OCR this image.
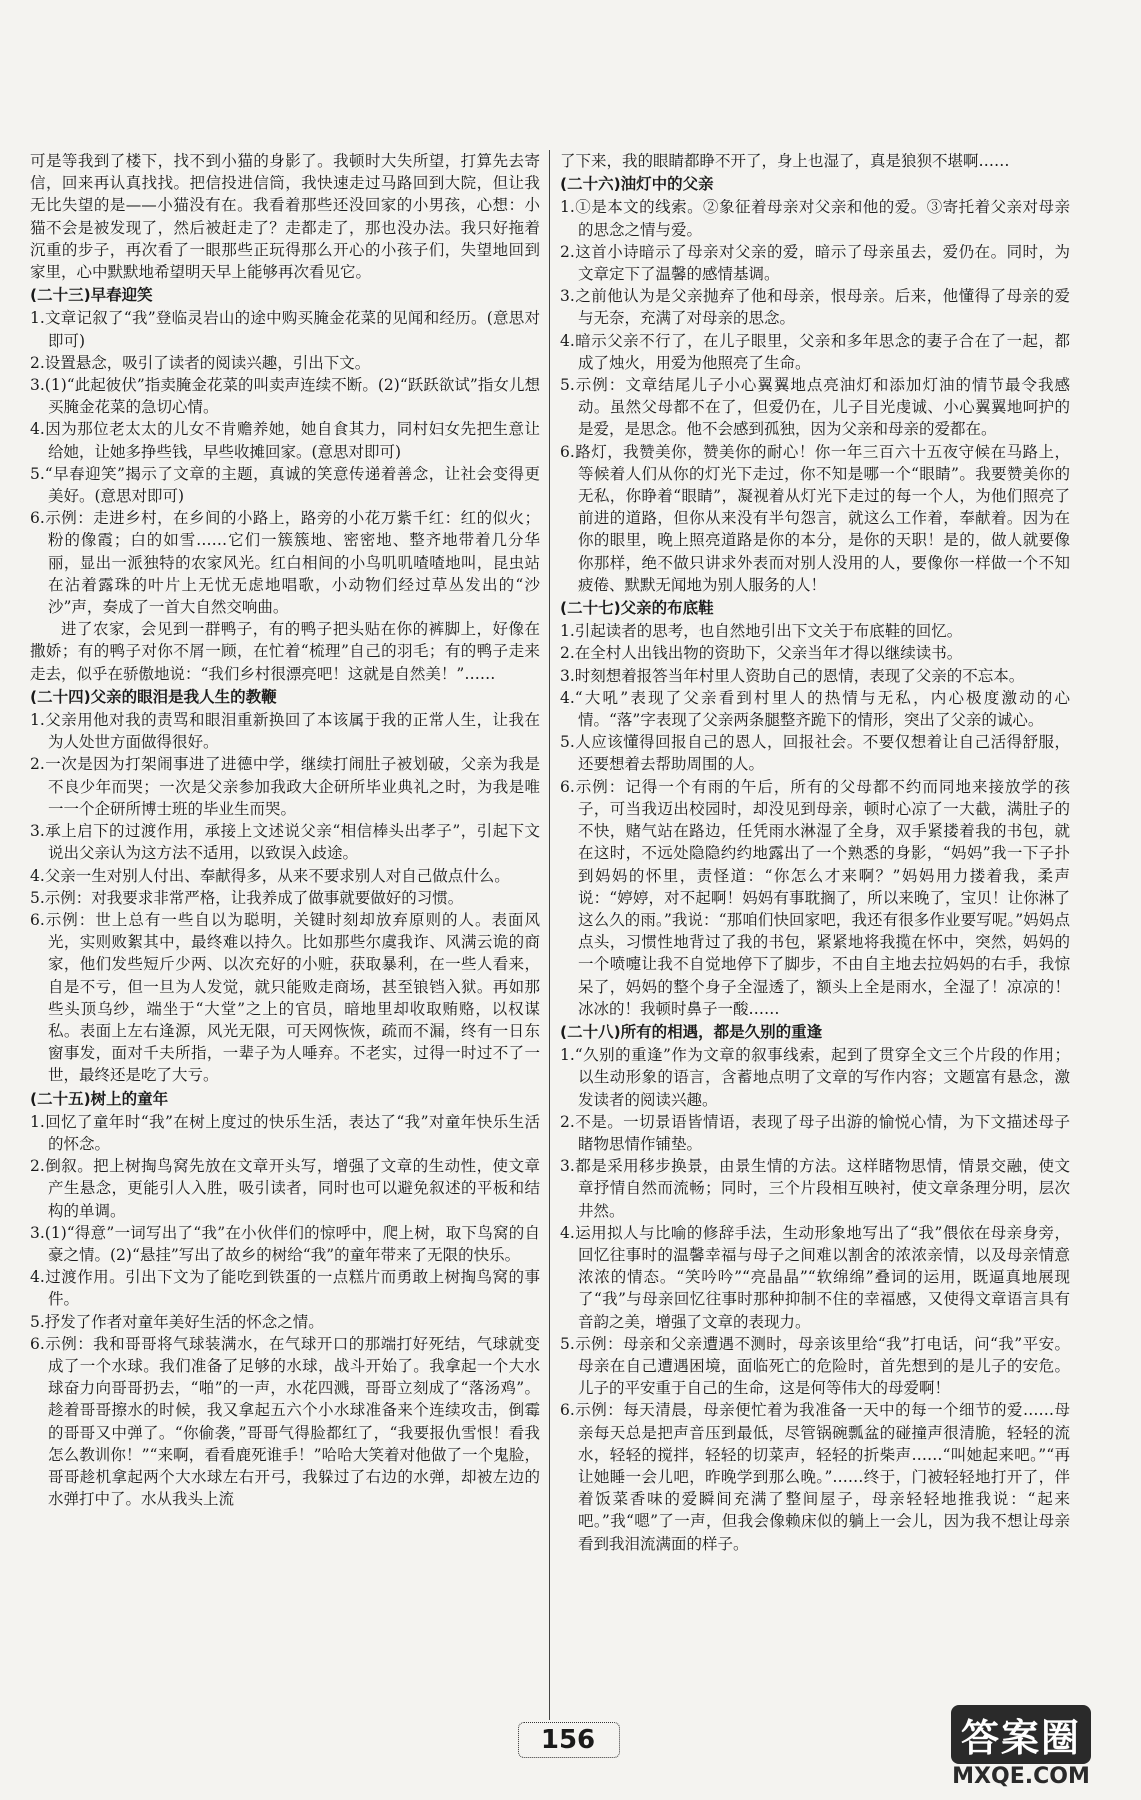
可是等我到了楼下，找不到小猫的身影了。我顿时大失所望，打算先去寄信，回来再认真找找。把信投进信筒，我快速走过马路回到大院，但让我无比失望的是——小猫没有在。我看着那些还没回家的小男孩，心想：小猫不会是被发现了，然后被赶走了？走都走了，那也没办法。我只好拖着沉重的步子，再次看了一眼那些正玩得那么开心的小孩子们，失望地回到家里，心中默默地希望明天早上能够再次看见它。
(二十三)早春迎笑
1.文章记叙了“我”登临灵岩山的途中购买腌金花菜的见闻和经历。(意思对即可)
2.设置悬念，吸引了读者的阅读兴趣，引出下文。
3.(1)“此起彼伏”指卖腌金花菜的叫卖声连续不断。(2)“跃跃欲试”指女儿想买腌金花菜的急切心情。
4.因为那位老太太的儿女不肯赡养她，她自食其力，同村妇女先把生意让给她，让她多挣些钱，早些收摊回家。(意思对即可)
5.“早春迎笑”揭示了文章的主题，真诚的笑意传递着善念，让社会变得更美好。(意思对即可)
6.示例：走进乡村，在乡间的小路上，路旁的小花万紫千红：红的似火；粉的像霞；白的如雪……它们一簇簇地、密密地、整齐地带着几分华丽，显出一派独特的农家风光。红白相间的小鸟叽叽喳喳地叫，昆虫站在沾着露珠的叶片上无忧无虑地唱歌，小动物们经过草丛发出的“沙沙”声，奏成了一首大自然交响曲。
进了农家，会见到一群鸭子，有的鸭子把头贴在你的裤脚上，好像在撒娇；有的鸭子对你不屑一顾，在忙着“梳理”自己的羽毛；有的鸭子走来走去，似乎在骄傲地说：“我们乡村很漂亮吧！这就是自然美！”……
(二十四)父亲的眼泪是我人生的教鞭
1.父亲用他对我的责骂和眼泪重新换回了本该属于我的正常人生，让我在为人处世方面做得很好。
2.一次是因为打架闹事进了进德中学，继续打闹肚子被划破，父亲为我是不良少年而哭；一次是父亲参加我政大企研所毕业典礼之时，为我是唯一一个企研所博士班的毕业生而哭。
3.承上启下的过渡作用，承接上文述说父亲“相信棒头出孝子”，引起下文说出父亲认为这方法不适用，以致误入歧途。
4.父亲一生对别人付出、奉献得多，从来不要求别人对自己做点什么。
5.示例：对我要求非常严格，让我养成了做事就要做好的习惯。
6.示例：世上总有一些自以为聪明，关键时刻却放弃原则的人。表面风光，实则败絮其中，最终难以持久。比如那些尔虞我诈、风满云诡的商家，他们发些短斤少两、以次充好的小赃，获取暴利，在一些人看来，自是不亏，但一旦为人发觉，就只能败走商场，甚至锒铛入狱。再如那些头顶乌纱，端坐于“大堂”之上的官员，暗地里却收取贿赂，以权谋私。表面上左右逢源，风光无限，可天网恢恢，疏而不漏，终有一日东窗事发，面对千夫所指，一辈子为人唾弃。不老实，过得一时过不了一世，最终还是吃了大亏。
(二十五)树上的童年
1.回忆了童年时“我”在树上度过的快乐生活，表达了“我”对童年快乐生活的怀念。
2.倒叙。把上树掏鸟窝先放在文章开头写，增强了文章的生动性，使文章产生悬念，更能引人入胜，吸引读者，同时也可以避免叙述的平板和结构的单调。
3.(1)“得意”一词写出了“我”在小伙伴们的惊呼中，爬上树，取下鸟窝的自豪之情。(2)“悬挂”写出了故乡的树给“我”的童年带来了无限的快乐。
4.过渡作用。引出下文为了能吃到铁蛋的一点糕片而勇敢上树掏鸟窝的事件。
5.抒发了作者对童年美好生活的怀念之情。
6.示例：我和哥哥将气球装满水，在气球开口的那端打好死结，气球就变成了一个水球。我们准备了足够的水球，战斗开始了。我拿起一个大水球奋力向哥哥扔去，“啪”的一声，水花四溅，哥哥立刻成了“落汤鸡”。趁着哥哥擦水的时候，我又拿起五六个小水球准备来个连续攻击，倒霉的哥哥又中弹了。“你偷袭，”哥哥气得脸都红了，“我要报仇雪恨！看我怎么教训你！”“来啊，看看鹿死谁手！”哈哈大笑着对他做了一个鬼脸，哥哥趁机拿起两个大水球左右开弓，我躲过了右边的水弹，却被左边的水弹打中了。水从我头上流
了下来，我的眼睛都睁不开了，身上也湿了，真是狼狈不堪啊……
(二十六)油灯中的父亲
1.①是本文的线索。②象征着母亲对父亲和他的爱。③寄托着父亲对母亲的思念之情与爱。
2.这首小诗暗示了母亲对父亲的爱，暗示了母亲虽去，爱仍在。同时，为文章定下了温馨的感情基调。
3.之前他认为是父亲抛弃了他和母亲，恨母亲。后来，他懂得了母亲的爱与无奈，充满了对母亲的思念。
4.暗示父亲不行了，在儿子眼里，父亲和多年思念的妻子合在了一起，都成了烛火，用爱为他照亮了生命。
5.示例：文章结尾儿子小心翼翼地点亮油灯和添加灯油的情节最令我感动。虽然父母都不在了，但爱仍在，儿子目光虔诚、小心翼翼地呵护的是爱，是思念。他不会感到孤独，因为父亲和母亲的爱都在。
6.路灯，我赞美你，赞美你的耐心！你一年三百六十五夜守候在马路上，等候着人们从你的灯光下走过，你不知是哪一个“眼睛”。我要赞美你的无私，你睁着“眼睛”，凝视着从灯光下走过的每一个人，为他们照亮了前进的道路，但你从来没有半句怨言，就这么工作着，奉献着。因为在你的眼里，晚上照亮道路是你的本分，是你的天职！是的，做人就要像你那样，绝不做只讲求外表而对别人没用的人，要像你一样做一个不知疲倦、默默无闻地为别人服务的人！
(二十七)父亲的布底鞋
1.引起读者的思考，也自然地引出下文关于布底鞋的回忆。
2.在全村人出钱出物的资助下，父亲当年才得以继续读书。
3.时刻想着报答当年村里人资助自己的恩情，表现了父亲的不忘本。
4.“大吼”表现了父亲看到村里人的热情与无私，内心极度激动的心情。“落”字表现了父亲两条腿整齐跪下的情形，突出了父亲的诚心。
5.人应该懂得回报自己的恩人，回报社会。不要仅想着让自己活得舒服，还要想着去帮助周围的人。
6.示例：记得一个有雨的午后，所有的父母都不约而同地来接放学的孩子，可当我迈出校园时，却没见到母亲，顿时心凉了一大截，满肚子的不快，赌气站在路边，任凭雨水淋湿了全身，双手紧搂着我的书包，就在这时，不远处隐隐约约地露出了一个熟悉的身影，“妈妈”我一下子扑到妈妈的怀里，责怪道：“你怎么才来啊？”妈妈用力搂着我，柔声说：“婷婷，对不起啊！妈妈有事耽搁了，所以来晚了，宝贝！让你淋了这么久的雨。”我说：“那咱们快回家吧，我还有很多作业要写呢。”妈妈点点头，习惯性地背过了我的书包，紧紧地将我揽在怀中，突然，妈妈的一个喷嚏让我不自觉地停下了脚步，不由自主地去拉妈妈的右手，我惊呆了，妈妈的整个身子全湿透了，额头上全是雨水，全湿了！凉凉的！冰冰的！我顿时鼻子一酸……
(二十八)所有的相遇，都是久别的重逢
1.“久别的重逢”作为文章的叙事线索，起到了贯穿全文三个片段的作用；以生动形象的语言，含蓄地点明了文章的写作内容；文题富有悬念，激发读者的阅读兴趣。
2.不是。一切景语皆情语，表现了母子出游的愉悦心情，为下文描述母子睹物思情作铺垫。
3.都是采用移步换景，由景生情的方法。这样睹物思情，情景交融，使文章抒情自然而流畅；同时，三个片段相互映衬，使文章条理分明，层次井然。
4.运用拟人与比喻的修辞手法，生动形象地写出了“我”偎依在母亲身旁，回忆往事时的温馨幸福与母子之间难以割舍的浓浓亲情，以及母亲情意浓浓的情态。“笑吟吟”“亮晶晶”“软绵绵”叠词的运用，既逼真地展现了“我”与母亲回忆往事时那种抑制不住的幸福感，又使得文章语言具有音韵之美，增强了文章的表现力。
5.示例：母亲和父亲遭遇不测时，母亲该里给“我”打电话，问“我”平安。母亲在自己遭遇困境，面临死亡的危险时，首先想到的是儿子的安危。儿子的平安重于自己的生命，这是何等伟大的母爱啊！
6.示例：每天清晨，母亲便忙着为我准备一天中的每一个细节的爱……母亲每天总是把声音压到最低，尽管锅碗瓢盆的碰撞声很清脆，轻轻的流水，轻轻的搅拌，轻轻的切菜声，轻轻的折柴声……“叫她起来吧。”“再让她睡一会儿吧，昨晚学到那么晚。”……终于，门被轻轻地打开了，伴着饭菜香味的爱瞬间充满了整间屋子，母亲轻轻地推我说：“起来吧。”我“嗯”了一声，但我会像赖床似的躺上一会儿，因为我不想让母亲看到我泪流满面的样子。
156	答案圈
MXQE.COM
